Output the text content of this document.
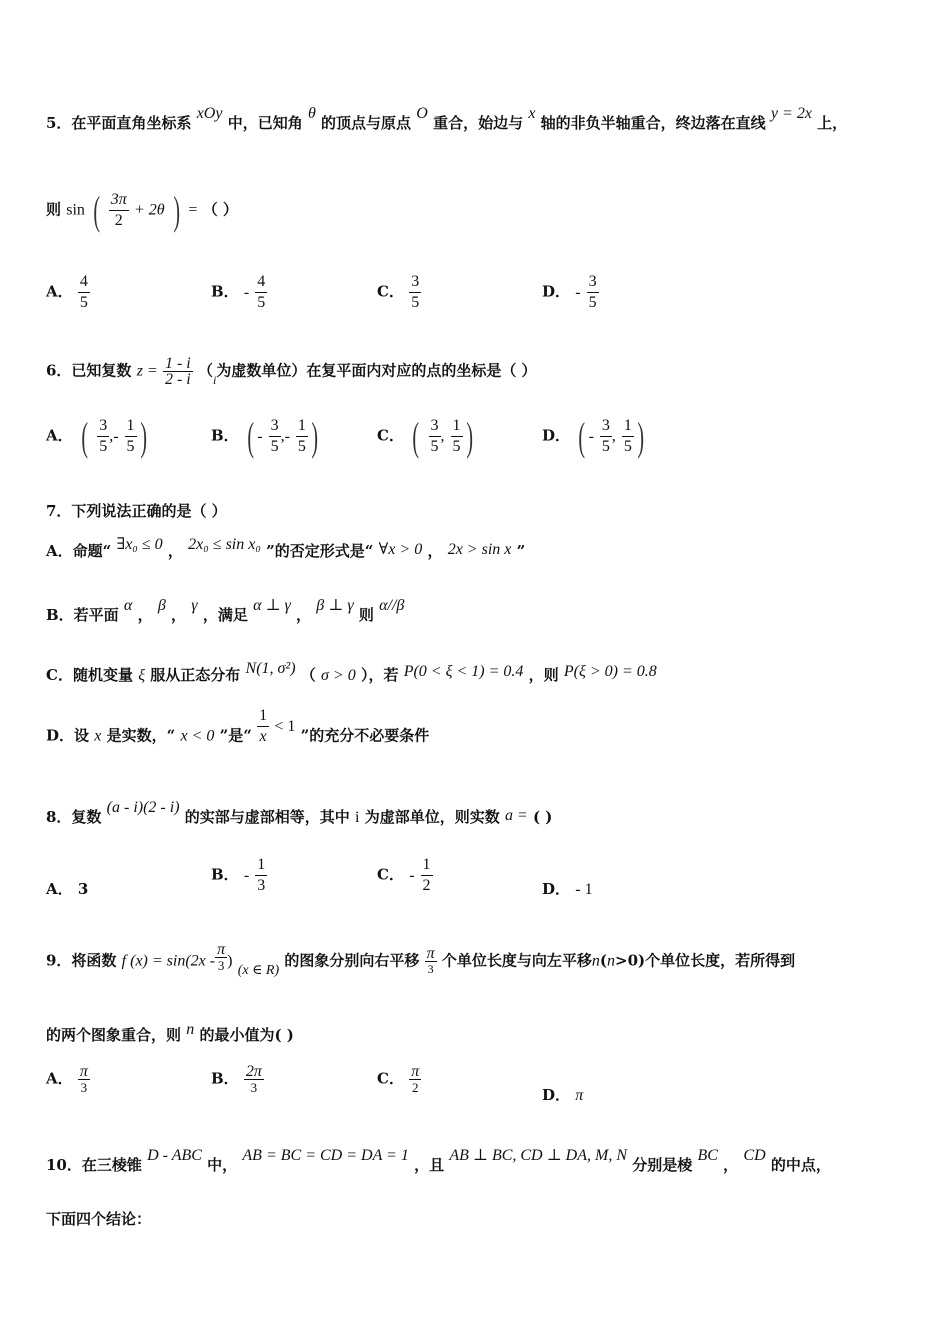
5．在平面直角坐标系 xOy 中，已知角 θ 的顶点与原点 O 重合，始边与 x 轴的非负半轴重合，终边落在直线 y = 2x 上，
则 sin ( $\frac{3\pi}{2} + 2\theta$ ) = （ ）
A． $\frac{4}{5}$	B． - $\frac{4}{5}$	C． $\frac{3}{5}$	D． - $\frac{3}{5}$
6．已知复数 $z = \frac{1 - i}{2 - i} (_i$为虚数单位）在复平面内对应的点的坐标是（ ）
A． ( $\frac{3}{5}$ ,- $\frac{1}{5}$ )	B． ( - $\frac{3}{5}$ ,- $\frac{1}{5}$ )	C． ( $\frac{3}{5}$ , $\frac{1}{5}$ )	D． ( - $\frac{3}{5}$ , $\frac{1}{5}$ )
7．下列说法正确的是（ ）
A．命题“ ∃x₀ ≤ 0 ， 2x₀ ≤ sin x₀ ”的否定形式是“ ∀x > 0 ， 2x > sin x ”
B．若平面 α ， β ， γ ，满足 α ⊥ γ ， β ⊥ γ 则 α//β
C．随机变量 ξ 服从正态分布 N(1, σ²) （ σ > 0 ），若 P(0 < ξ < 1) = 0.4 ，则 P(ξ > 0) = 0.8
D．设 x 是实数，“ x < 0 ”是“ $\frac{1}{x} < 1$ ”的充分不必要条件
8．复数 (a - i)(2 - i) 的实部与虚部相等，其中 i 为虚部单位，则实数 a = ( )
A． 3
B． - $\frac{1}{3}$	C． - $\frac{1}{2}$	D． - 1
9．将函数 f $(x) = \sin(2x - \frac{\pi}{3}$ ) (x ∈ R) 的图象分别向右平移 $\frac{\pi}{3}$ 个单位长度与向左平移n(n>0)个单位长度，若所得到
的两个图象重合，则 n 的最小值为( )
A． $\frac{\pi}{3}$	B． $\frac{2\pi}{3}$	C． $\frac{\pi}{2}$	D． π
10．在三棱锥 D - ABC 中， AB = BC = CD = DA = 1 ，且 AB ⊥ BC, CD ⊥ DA, M, N 分别是棱 BC ， CD 的中点，
下面四个结论：
